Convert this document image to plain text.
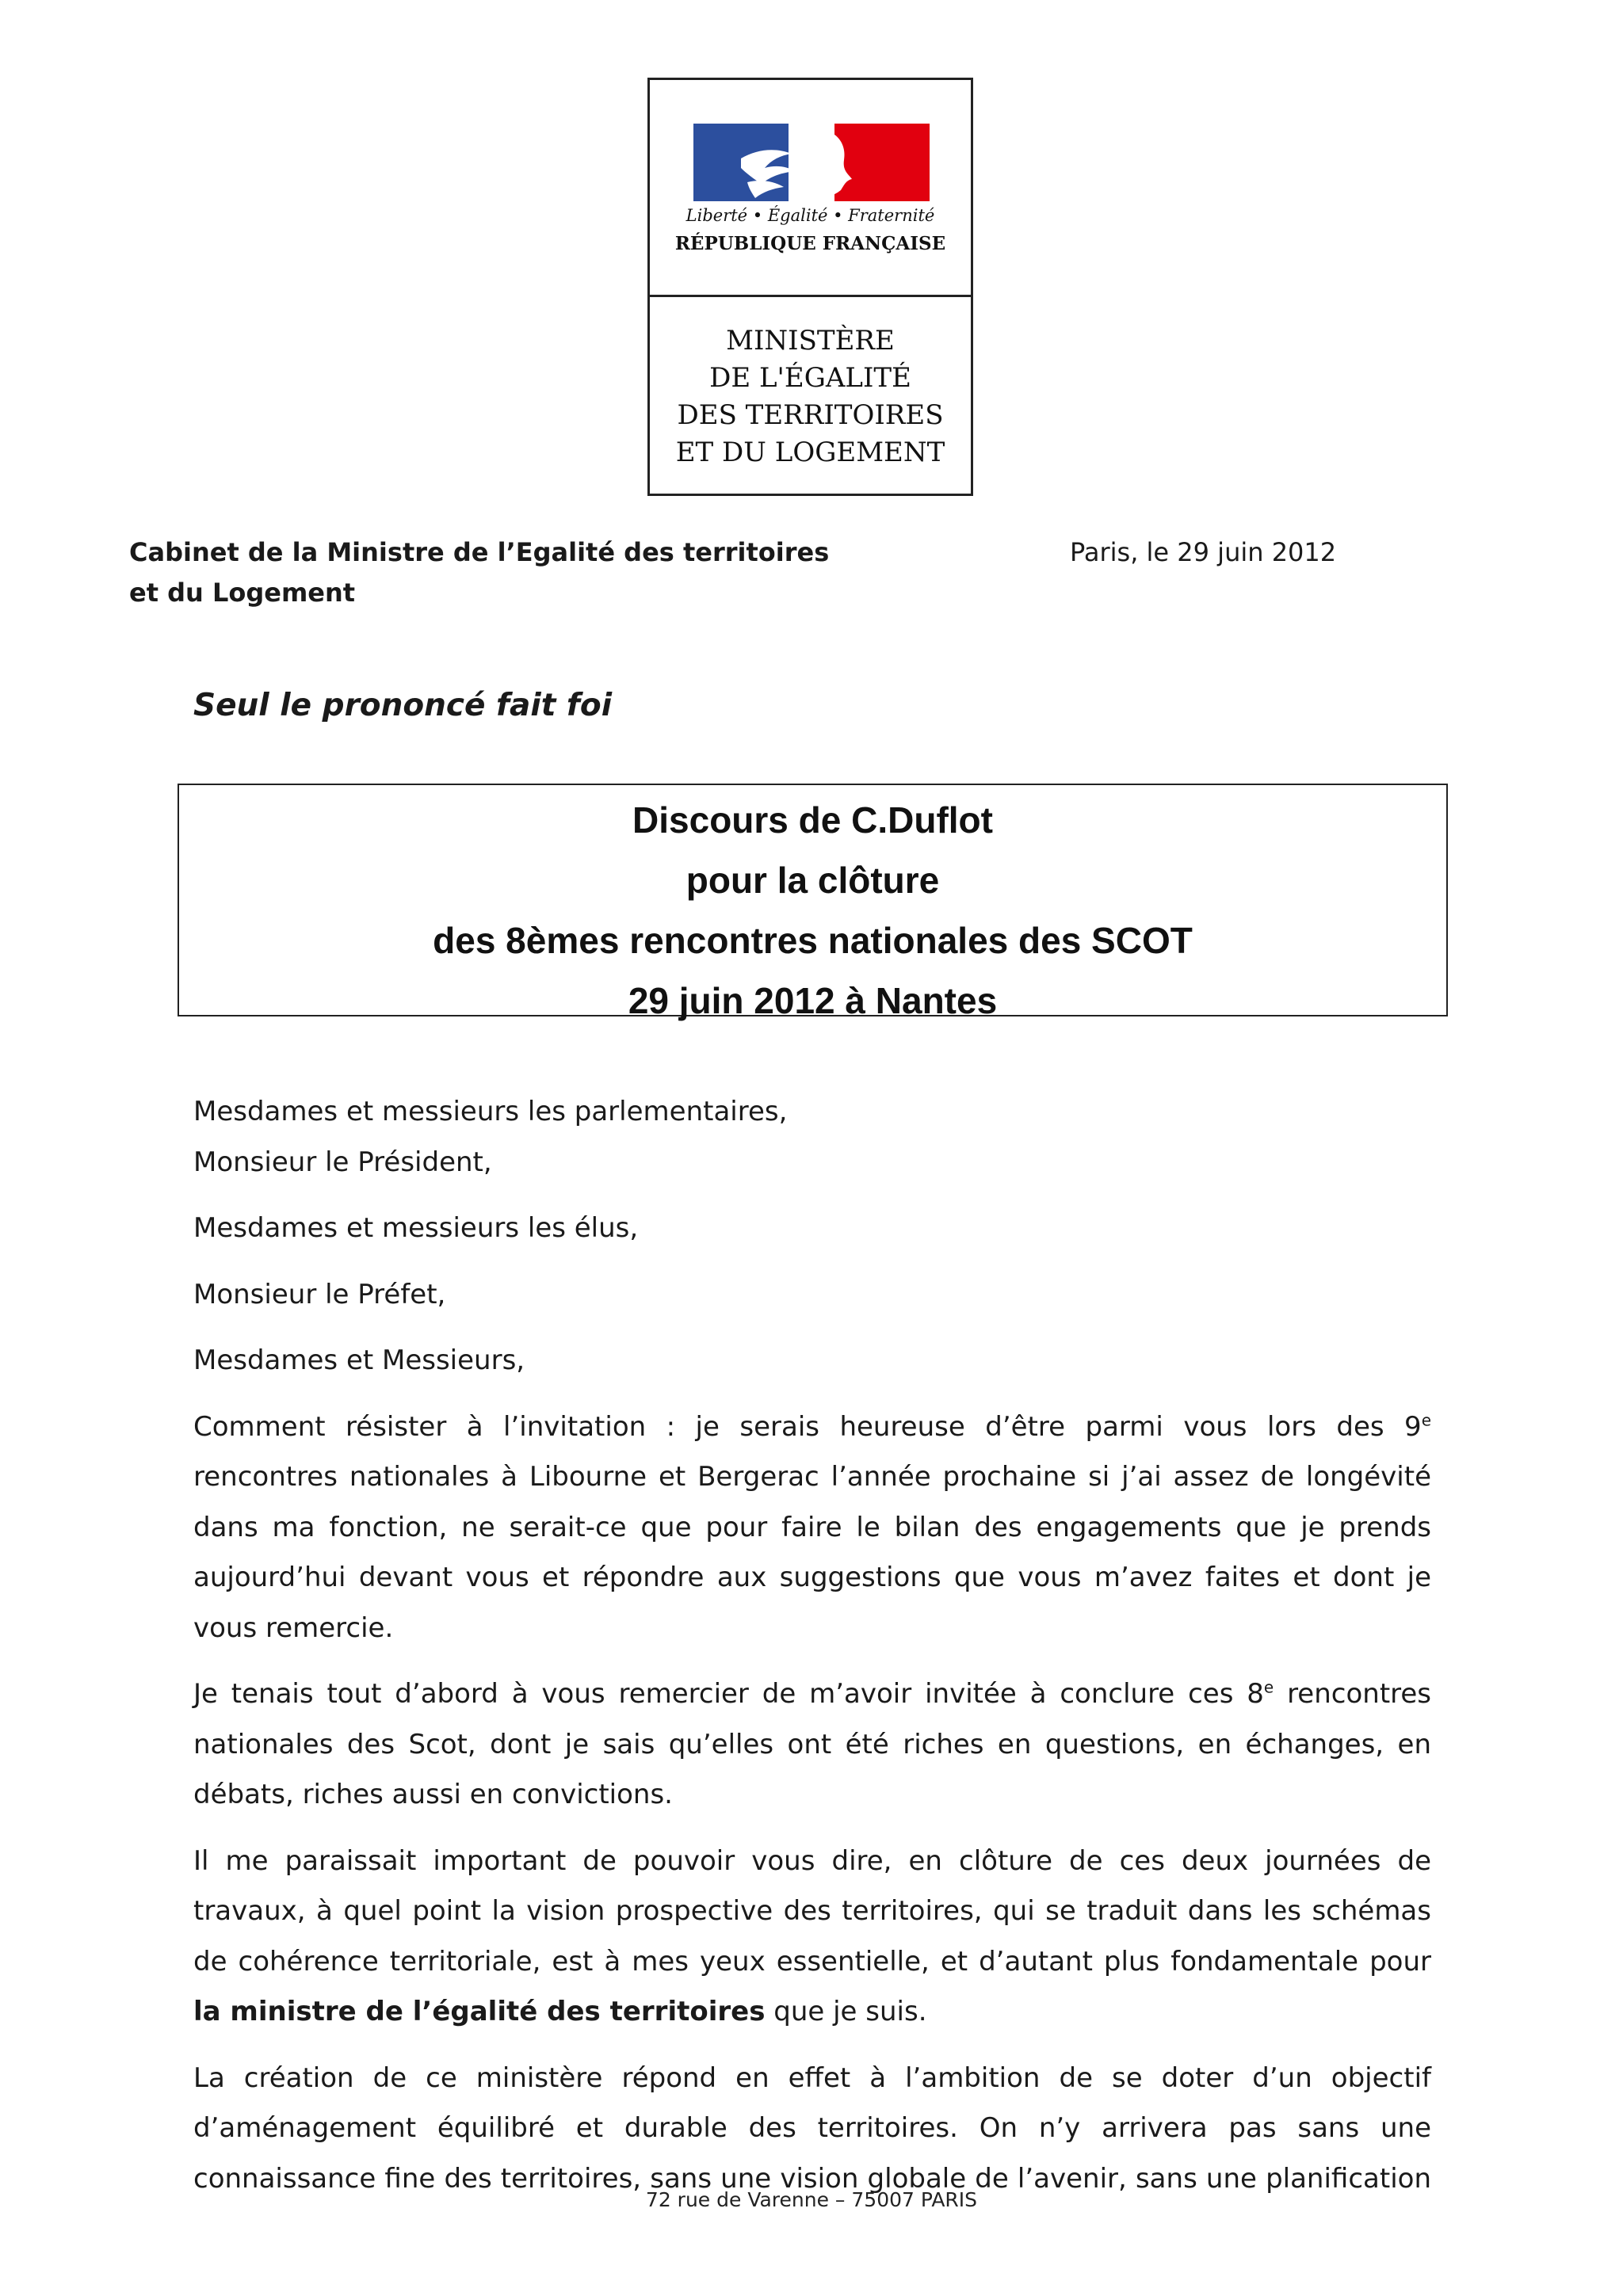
Liberté • Égalité • Fraternité
RÉPUBLIQUE FRANÇAISE
MINISTÈRE
DE L'ÉGALITÉ
DES TERRITOIRES
ET DU LOGEMENT
Cabinet de la Ministre de l’Egalité des territoires
et du Logement
Paris, le 29 juin 2012
Seul le prononcé fait foi
Discours de C.Duflot
pour la clôture
des 8èmes rencontres nationales des SCOT
29 juin 2012 à Nantes

Mesdames et messieurs les parlementaires,

Monsieur le Président,

Mesdames et messieurs les élus,

Monsieur le Préfet,

Mesdames et Messieurs,

Comment résister à l’invitation : je serais heureuse d’être parmi vous lors des 9e rencontres nationales à Libourne et Bergerac l’année prochaine si j’ai assez de longévité dans ma fonction, ne serait-ce que pour faire le bilan des engagements que je prends aujourd’hui devant vous et répondre aux suggestions que vous m’avez faites et dont je vous remercie.

Je tenais tout d’abord à vous remercier de m’avoir invitée à conclure ces 8e rencontres nationales des Scot, dont je sais qu’elles ont été riches en questions, en échanges, en débats, riches aussi en convictions.

Il me paraissait important de pouvoir vous dire, en clôture de ces deux journées de travaux, à quel point la vision prospective des territoires, qui se traduit dans les schémas de cohérence territoriale, est à mes yeux essentielle, et d’autant plus fondamentale pour la ministre de l’égalité des territoires que je suis.

La création de ce ministère répond en effet à l’ambition de se doter d’un objectif d’aménagement équilibré et durable des territoires. On n’y arrivera pas sans une connaissance fine des territoires, sans une vision globale de l’avenir, sans une planification

72 rue de Varenne – 75007 PARIS
